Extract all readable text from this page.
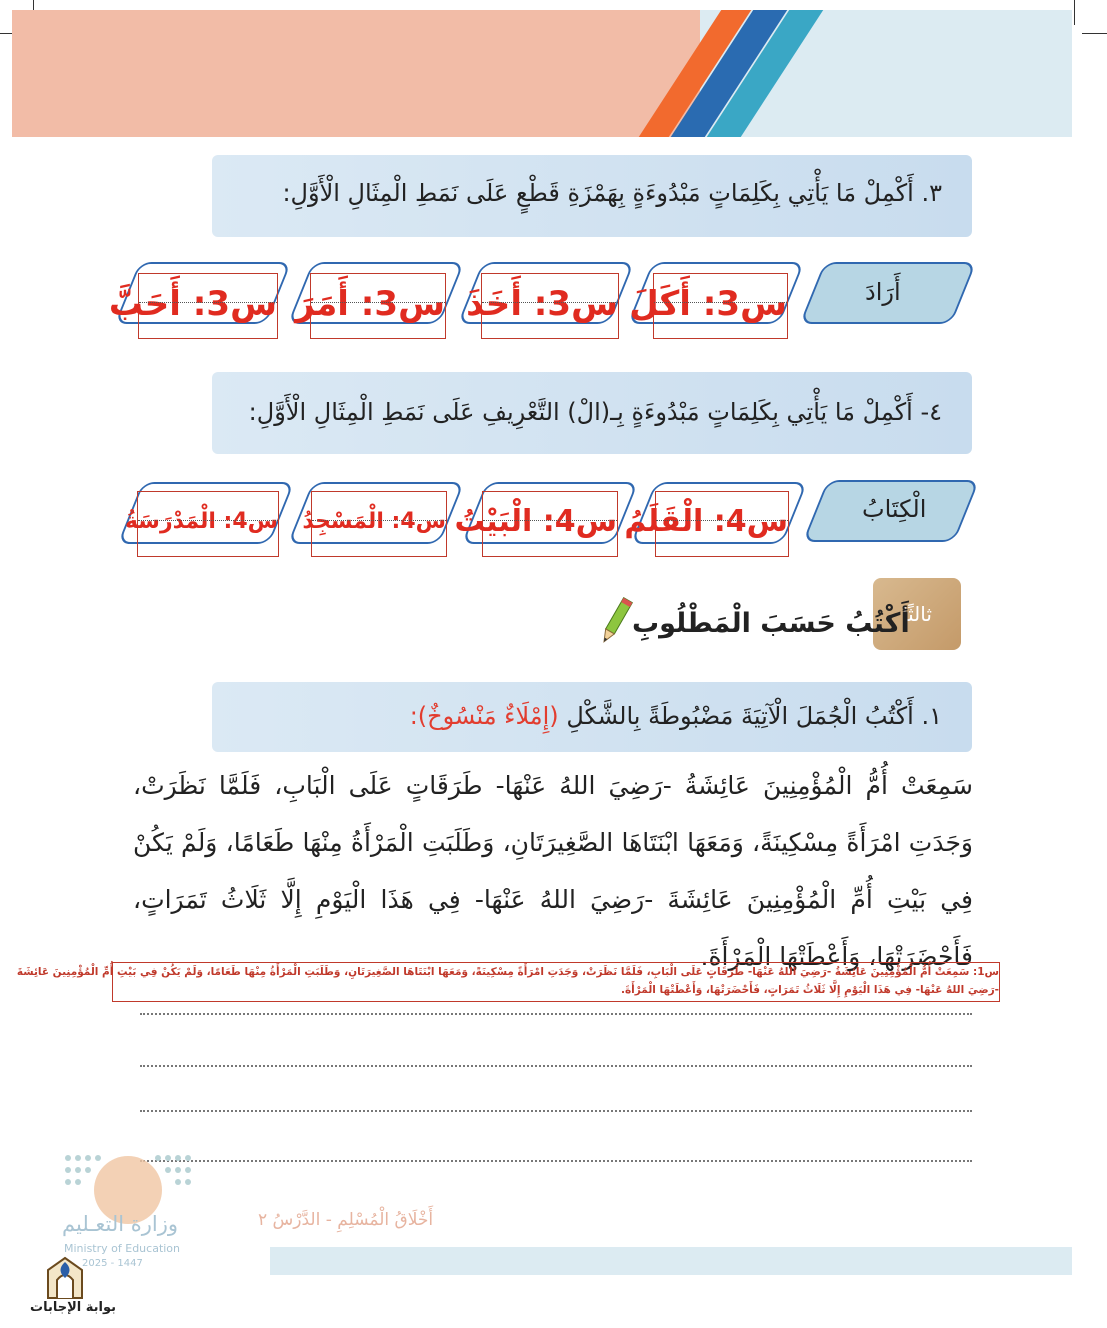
٣. أَكْمِلْ مَا يَأْتِي بِكَلِمَاتٍ مَبْدُوءَةٍ بِهَمْزَةِ قَطْعٍ عَلَى نَمَطِ الْمِثَالِ الْأَوَّلِ:
أَرَادَ
س3: أَكَلَ
س3: أَخَذَ
س3: أَمَرَ
س3: أَحَبَّ
٤- أَكْمِلْ مَا يَأْتِي بِكَلِمَاتٍ مَبْدُوءَةٍ بِـ(الْ) التَّعْرِيفِ عَلَى نَمَطِ الْمِثَالِ الْأَوَّلِ:
الْكِتَابُ
س4: الْقَلَمُ
س4: الْبَيْتُ
س4: الْمَسْجِدُ
س4: الْمَدْرَسَةُ
ثالثًا
أَكْتُبُ حَسَبَ الْمَطْلُوبِ
١. أَكْتُبُ الْجُمَلَ الْآتِيَةَ مَضْبُوطَةً بِالشَّكْلِ (إِمْلَاءٌ مَنْسُوخٌ):
سَمِعَتْ أُمُّ الْمُؤْمِنِينَ عَائِشَةُ -رَضِيَ اللهُ عَنْهَا- طَرَقَاتٍ عَلَى الْبَابِ، فَلَمَّا نَظَرَتْ، وَجَدَتِ امْرَأَةً مِسْكِينَةً، وَمَعَهَا ابْنَتَاهَا الصَّغِيرَتَانِ، وَطَلَبَتِ الْمَرْأَةُ مِنْهَا طَعَامًا، وَلَمْ يَكُنْ فِي بَيْتِ أُمِّ الْمُؤْمِنِينَ عَائِشَةَ -رَضِيَ اللهُ عَنْهَا- فِي هَذَا الْيَوْمِ إِلَّا ثَلَاثُ تَمَرَاتٍ، فَأَحْضَرَتْهَا، وَأَعْطَتْهَا الْمَرْأَةَ.
س1: سَمِعَتْ أُمُّ الْمُؤْمِنِينَ عَائِشَةُ -رَضِيَ اللهُ عَنْهَا- طَرَقَاتٍ عَلَى الْبَابِ، فَلَمَّا نَظَرَتْ، وَجَدَتِ امْرَأَةً مِسْكِينَةً، وَمَعَهَا ابْنَتَاهَا الصَّغِيرَتَانِ، وَطَلَبَتِ الْمَرْأَةُ مِنْهَا طَعَامًا، وَلَمْ يَكُنْ فِي بَيْتِ أُمِّ الْمُؤْمِنِينَ عَائِشَةَ
-رَضِيَ اللهُ عَنْهَا- فِي هَذَا الْيَوْمِ إِلَّا ثَلَاثُ تَمَرَاتٍ، فَأَحْضَرَتْهَا، وَأَعْطَتْهَا الْمَرْأَةَ.
أَخْلَاقُ الْمُسْلِمِ - الدَّرْسُ ٢
وزارة التعـليم
Ministry of Education
2025 - 1447
بوابة الإجابات
